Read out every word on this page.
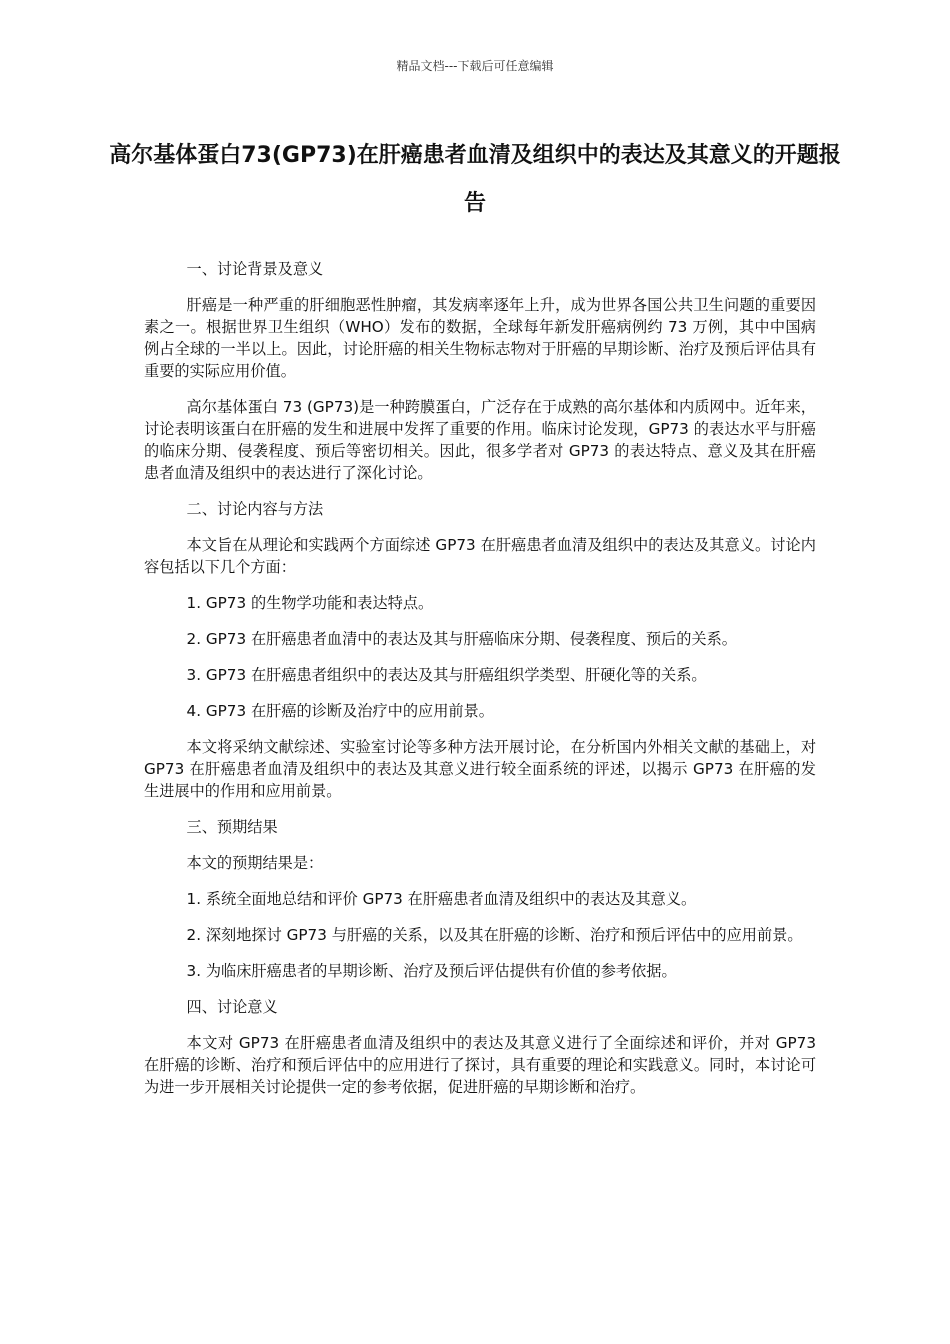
精品文档---下载后可任意编辑
高尔基体蛋白73(GP73)在肝癌患者血清及组织中的表达及其意义的开题报告

一、讨论背景及意义

肝癌是一种严重的肝细胞恶性肿瘤，其发病率逐年上升，成为世界各国公共卫生问题的重要因素之一。根据世界卫生组织（WHO）发布的数据，全球每年新发肝癌病例约 73 万例，其中中国病例占全球的一半以上。因此，讨论肝癌的相关生物标志物对于肝癌的早期诊断、治疗及预后评估具有重要的实际应用价值。

高尔基体蛋白 73 (GP73)是一种跨膜蛋白，广泛存在于成熟的高尔基体和内质网中。近年来，讨论表明该蛋白在肝癌的发生和进展中发挥了重要的作用。临床讨论发现，GP73 的表达水平与肝癌的临床分期、侵袭程度、预后等密切相关。因此，很多学者对 GP73 的表达特点、意义及其在肝癌患者血清及组织中的表达进行了深化讨论。

二、讨论内容与方法

本文旨在从理论和实践两个方面综述 GP73 在肝癌患者血清及组织中的表达及其意义。讨论内容包括以下几个方面：

1. GP73 的生物学功能和表达特点。

2. GP73 在肝癌患者血清中的表达及其与肝癌临床分期、侵袭程度、预后的关系。

3. GP73 在肝癌患者组织中的表达及其与肝癌组织学类型、肝硬化等的关系。

4. GP73 在肝癌的诊断及治疗中的应用前景。

本文将采纳文献综述、实验室讨论等多种方法开展讨论，在分析国内外相关文献的基础上，对 GP73 在肝癌患者血清及组织中的表达及其意义进行较全面系统的评述，以揭示 GP73 在肝癌的发生进展中的作用和应用前景。

三、预期结果

本文的预期结果是：

1. 系统全面地总结和评价 GP73 在肝癌患者血清及组织中的表达及其意义。

2. 深刻地探讨 GP73 与肝癌的关系，以及其在肝癌的诊断、治疗和预后评估中的应用前景。

3. 为临床肝癌患者的早期诊断、治疗及预后评估提供有价值的参考依据。

四、讨论意义

本文对 GP73 在肝癌患者血清及组织中的表达及其意义进行了全面综述和评价，并对 GP73 在肝癌的诊断、治疗和预后评估中的应用进行了探讨，具有重要的理论和实践意义。同时，本讨论可为进一步开展相关讨论提供一定的参考依据，促进肝癌的早期诊断和治疗。
